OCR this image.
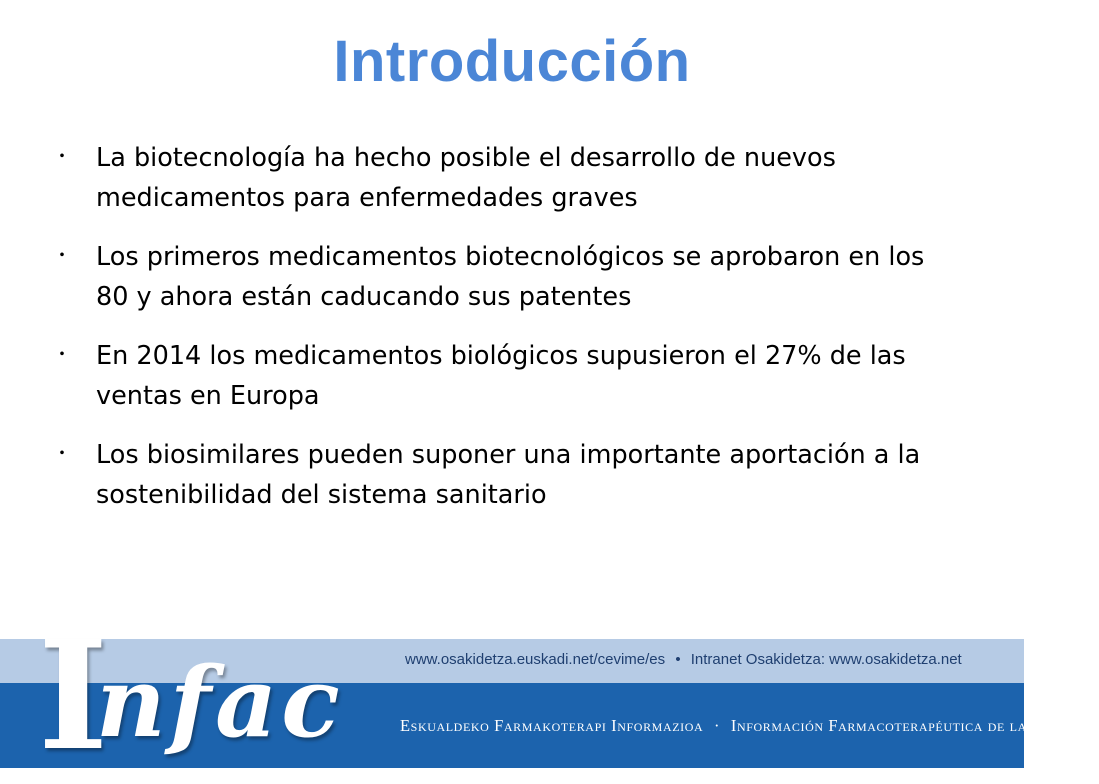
Introducción
･ La biotecnología ha hecho posible el desarrollo de nuevos medicamentos para enfermedades graves
･ Los primeros medicamentos biotecnológicos se aprobaron en los 80 y ahora están caducando sus patentes
･ En 2014 los medicamentos biológicos supusieron el 27% de las ventas en Europa
･ Los biosimilares pueden suponer una importante aportación a la sostenibilidad del sistema sanitario
www.osakidetza.euskadi.net/cevime/es • Intranet Osakidetza: www.osakidetza.net
Eskualdeko Farmakoterapi Informazioa · Información Farmacoterapéutica de la Comarca
I
nfac
